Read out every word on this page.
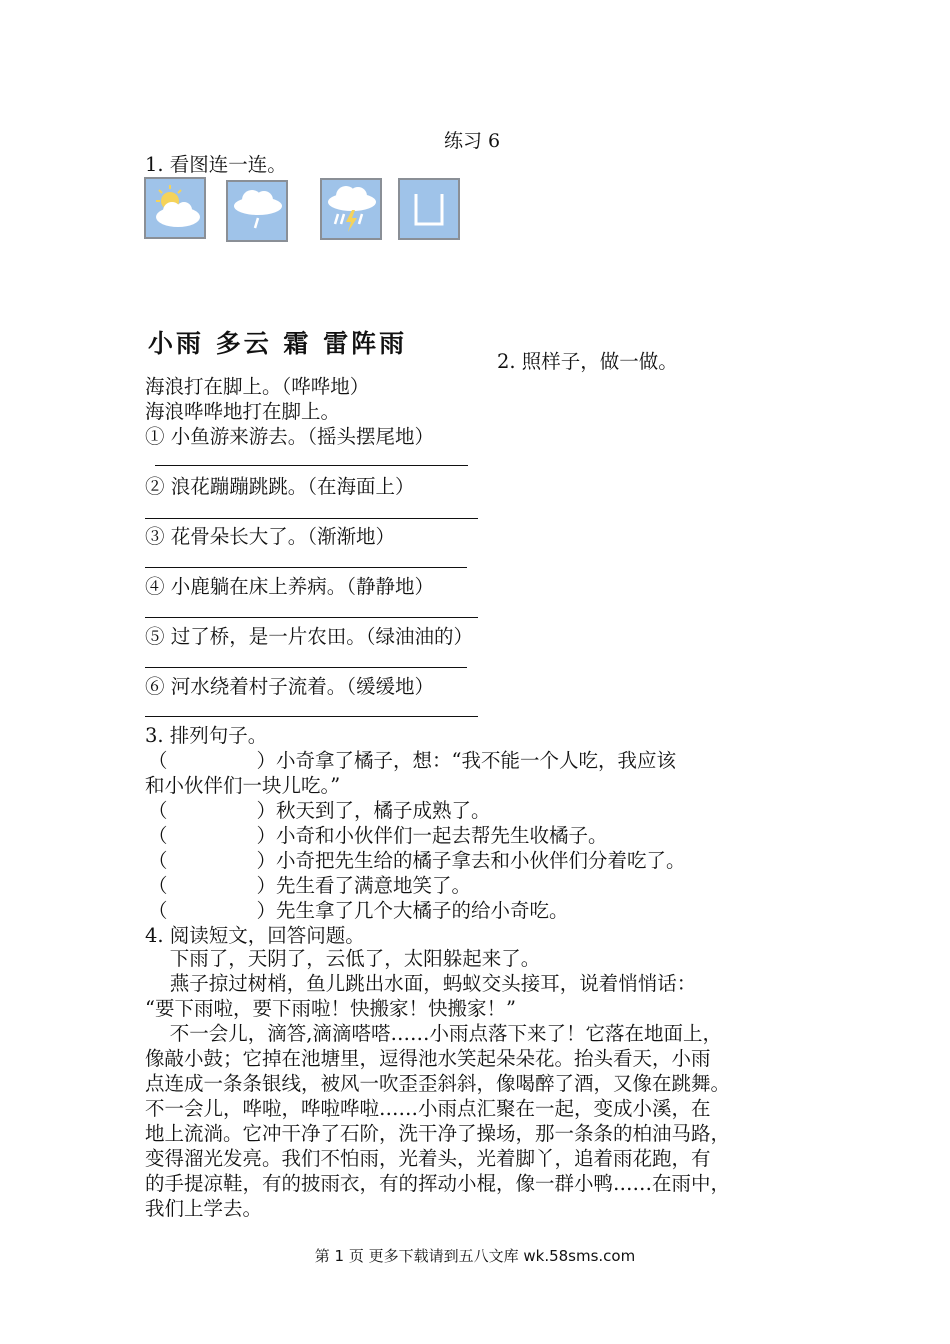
练习 6
1. 看图连一连。
小雨 多云 霜 雷阵雨
2. 照样子，做一做。
海浪打在脚上。（哗哗地）
海浪哗哗地打在脚上。
① 小鱼游来游去。（摇头摆尾地）
② 浪花蹦蹦跳跳。（在海面上）
③ 花骨朵长大了。（渐渐地）
④ 小鹿躺在床上养病。（静静地）
⑤ 过了桥，是一片农田。（绿油油的）
⑥ 河水绕着村子流着。（缓缓地）
3. 排列句子。
（	） 小奇拿了橘子，想：“我不能一个人吃，我应该
和小伙伴们一块儿吃。”
（	） 秋天到了，橘子成熟了。
（	） 小奇和小伙伴们一起去帮先生收橘子。
（	） 小奇把先生给的橘子拿去和小伙伴们分着吃了。
（	） 先生看了满意地笑了。
（	） 先生拿了几个大橘子的给小奇吃。
4. 阅读短文，回答问题。
下雨了，天阴了，云低了，太阳躲起来了。
燕子掠过树梢，鱼儿跳出水面，蚂蚁交头接耳，说着悄悄话：
“要下雨啦，要下雨啦！快搬家！快搬家！”
不一会儿，滴答,滴滴嗒嗒……小雨点落下来了！它落在地面上，
像敲小鼓；它掉在池塘里，逗得池水笑起朵朵花。抬头看天，小雨
点连成一条条银线，被风一吹歪歪斜斜，像喝醉了酒，又像在跳舞。
不一会儿，哗啦，哗啦哗啦……小雨点汇聚在一起，变成小溪，在
地上流淌。它冲干净了石阶，洗干净了操场，那一条条的柏油马路，
变得溜光发亮。我们不怕雨，光着头，光着脚丫，追着雨花跑，有
的手提凉鞋，有的披雨衣，有的挥动小棍，像一群小鸭……在雨中，
我们上学去。
第 1 页 更多下载请到五八文库 wk.58sms.com
